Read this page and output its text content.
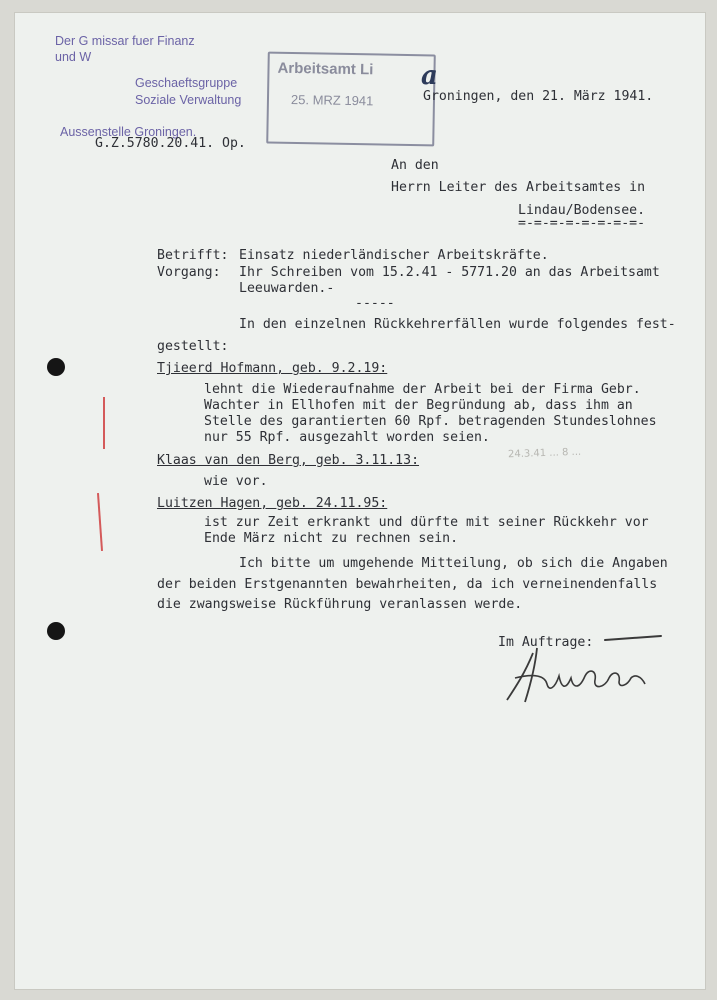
Der G missar fuer Finanz
und W
Geschaeftsgruppe
Soziale Verwaltung
Aussenstelle Groningen.
Arbeitsamt Li
25. MRZ 1941
a
G.Z.5780.20.41. Op.
Groningen, den 21. März 1941.
An den
Herrn Leiter des Arbeitsamtes in
Lindau/Bodensee.
=-=-=-=-=-=-=-=-
Betrifft: Einsatz niederländischer Arbeitskräfte.
Vorgang: Ihr Schreiben vom 15.2.41 - 5771.20 an das Arbeitsamt
Leeuwarden.-
-----
In den einzelnen Rückkehrerfällen wurde folgendes fest-
gestellt:
Tjieerd Hofmann, geb. 9.2.19:
lehnt die Wiederaufnahme der Arbeit bei der Firma Gebr.
Wachter in Ellhofen mit der Begründung ab, dass ihm an
Stelle des garantierten 60 Rpf. betragenden Stundeslohnes
nur 55 Rpf. ausgezahlt worden seien.
Klaas van den Berg, geb. 3.11.13:	24.3.41 ... 8 ...
wie vor.
Luitzen Hagen, geb. 24.11.95:
ist zur Zeit erkrankt und dürfte mit seiner Rückkehr vor
Ende März nicht zu rechnen sein.
Ich bitte um umgehende Mitteilung, ob sich die Angaben
der beiden Erstgenannten bewahrheiten, da ich verneinendenfalls
die zwangsweise Rückführung veranlassen werde.
Im Auftrage:
